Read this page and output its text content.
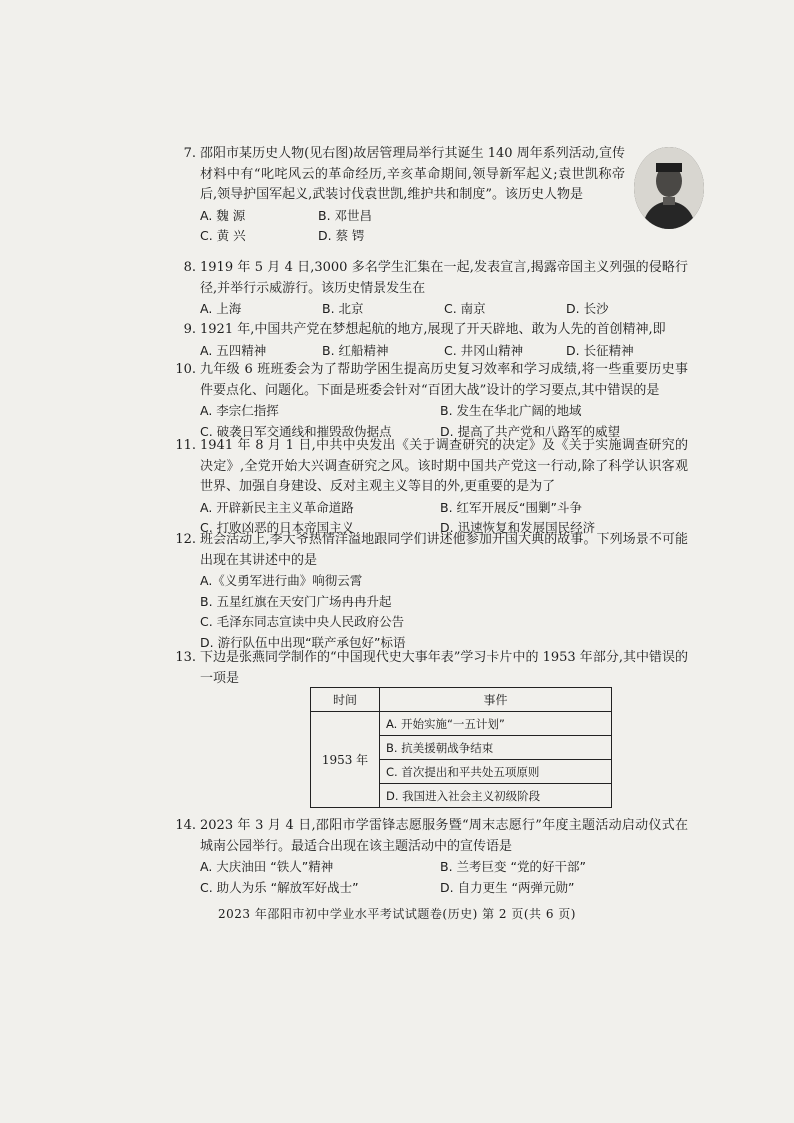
7. 邵阳市某历史人物(见右图)故居管理局举行其诞生 140 周年系列活动,宣传材料中有“叱咤风云的革命经历,辛亥革命期间,领导新军起义;袁世凯称帝后,领导护国军起义,武装讨伐袁世凯,维护共和制度”。该历史人物是
A. 魏 源	B. 邓世昌
C. 黄 兴	D. 蔡 锷
8. 1919 年 5 月 4 日,3000 多名学生汇集在一起,发表宣言,揭露帝国主义列强的侵略行径,并举行示威游行。该历史情景发生在
A. 上海	B. 北京	C. 南京	D. 长沙
9. 1921 年,中国共产党在梦想起航的地方,展现了开天辟地、敢为人先的首创精神,即
A. 五四精神	B. 红船精神	C. 井冈山精神	D. 长征精神
10. 九年级 6 班班委会为了帮助学困生提高历史复习效率和学习成绩,将一些重要历史事件要点化、问题化。下面是班委会针对“百团大战”设计的学习要点,其中错误的是
A. 李宗仁指挥	B. 发生在华北广阔的地域
C. 破袭日军交通线和摧毁敌伪据点	D. 提高了共产党和八路军的威望
11. 1941 年 8 月 1 日,中共中央发出《关于调查研究的决定》及《关于实施调查研究的决定》,全党开始大兴调查研究之风。该时期中国共产党这一行动,除了科学认识客观世界、加强自身建设、反对主观主义等目的外,更重要的是为了
A. 开辟新民主主义革命道路	B. 红军开展反“围剿”斗争
C. 打败凶恶的日本帝国主义	D. 迅速恢复和发展国民经济
12. 班会活动上,李大爷热情洋溢地跟同学们讲述他参加开国大典的故事。下列场景不可能出现在其讲述中的是
A.《义勇军进行曲》响彻云霄
B. 五星红旗在天安门广场冉冉升起
C. 毛泽东同志宣读中央人民政府公告
D. 游行队伍中出现“联产承包好”标语
13. 下边是张燕同学制作的“中国现代史大事年表”学习卡片中的 1953 年部分,其中错误的一项是
时间	事件
1953 年	A. 开始实施“一五计划”
	B. 抗美援朝战争结束
	C. 首次提出和平共处五项原则
	D. 我国进入社会主义初级阶段
14. 2023 年 3 月 4 日,邵阳市学雷锋志愿服务暨“周末志愿行”年度主题活动启动仪式在城南公园举行。最适合出现在该主题活动中的宣传语是
A. 大庆油田 “铁人”精神	B. 兰考巨变 “党的好干部”
C. 助人为乐 “解放军好战士”	D. 自力更生 “两弹元勋”
2023 年邵阳市初中学业水平考试试题卷(历史) 第 2 页(共 6 页)
